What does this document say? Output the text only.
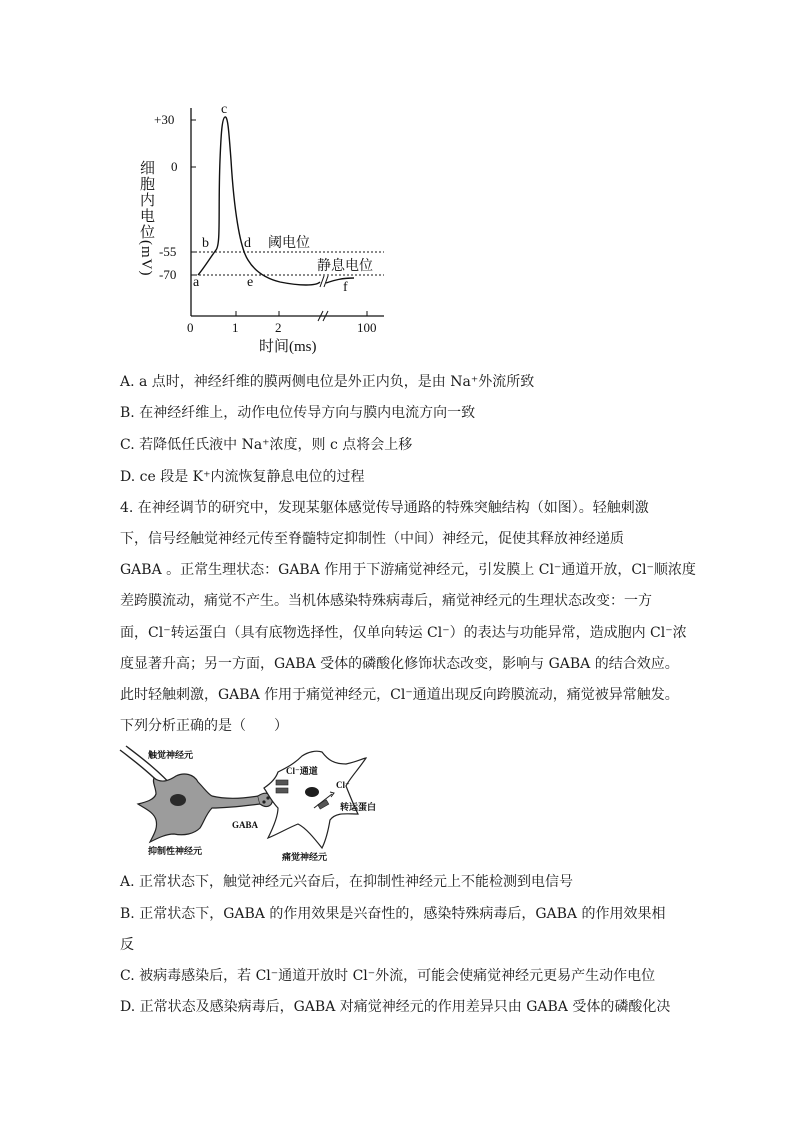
细胞内电位(mV)
+30
0
-55
-70
0	1	2	100
时间(ms)
阈电位
静息电位
a
b
c
d
e	f
A. a 点时，神经纤维的膜两侧电位是外正内负，是由 Na⁺外流所致
B. 在神经纤维上，动作电位传导方向与膜内电流方向一致
C. 若降低任氏液中 Na⁺浓度，则 c 点将会上移
D. ce 段是 K⁺内流恢复静息电位的过程
4. 在神经调节的研究中，发现某躯体感觉传导通路的特殊突触结构（如图）。轻触刺激
下，信号经触觉神经元传至脊髓特定抑制性（中间）神经元，促使其释放神经递质
GABA 。正常生理状态：GABA 作用于下游痛觉神经元，引发膜上 Cl⁻通道开放，Cl⁻顺浓度
差跨膜流动，痛觉不产生。当机体感染特殊病毒后，痛觉神经元的生理状态改变：一方
面，Cl⁻转运蛋白（具有底物选择性，仅单向转运 Cl⁻）的表达与功能异常，造成胞内 Cl⁻浓
度显著升高；另一方面，GABA 受体的磷酸化修饰状态改变，影响与 GABA 的结合效应。
此时轻触刺激，GABA 作用于痛觉神经元，Cl⁻通道出现反向跨膜流动，痛觉被异常触发。
下列分析正确的是（　　）
触觉神经元
GABA
抑制性神经元
Cl⁻通道
Cl⁻
转运蛋白
痛觉神经元
A. 正常状态下，触觉神经元兴奋后，在抑制性神经元上不能检测到电信号
B. 正常状态下，GABA 的作用效果是兴奋性的，感染特殊病毒后，GABA 的作用效果相
反
C. 被病毒感染后，若 Cl⁻通道开放时 Cl⁻外流，可能会使痛觉神经元更易产生动作电位
D. 正常状态及感染病毒后，GABA 对痛觉神经元的作用差异只由 GABA 受体的磷酸化决
